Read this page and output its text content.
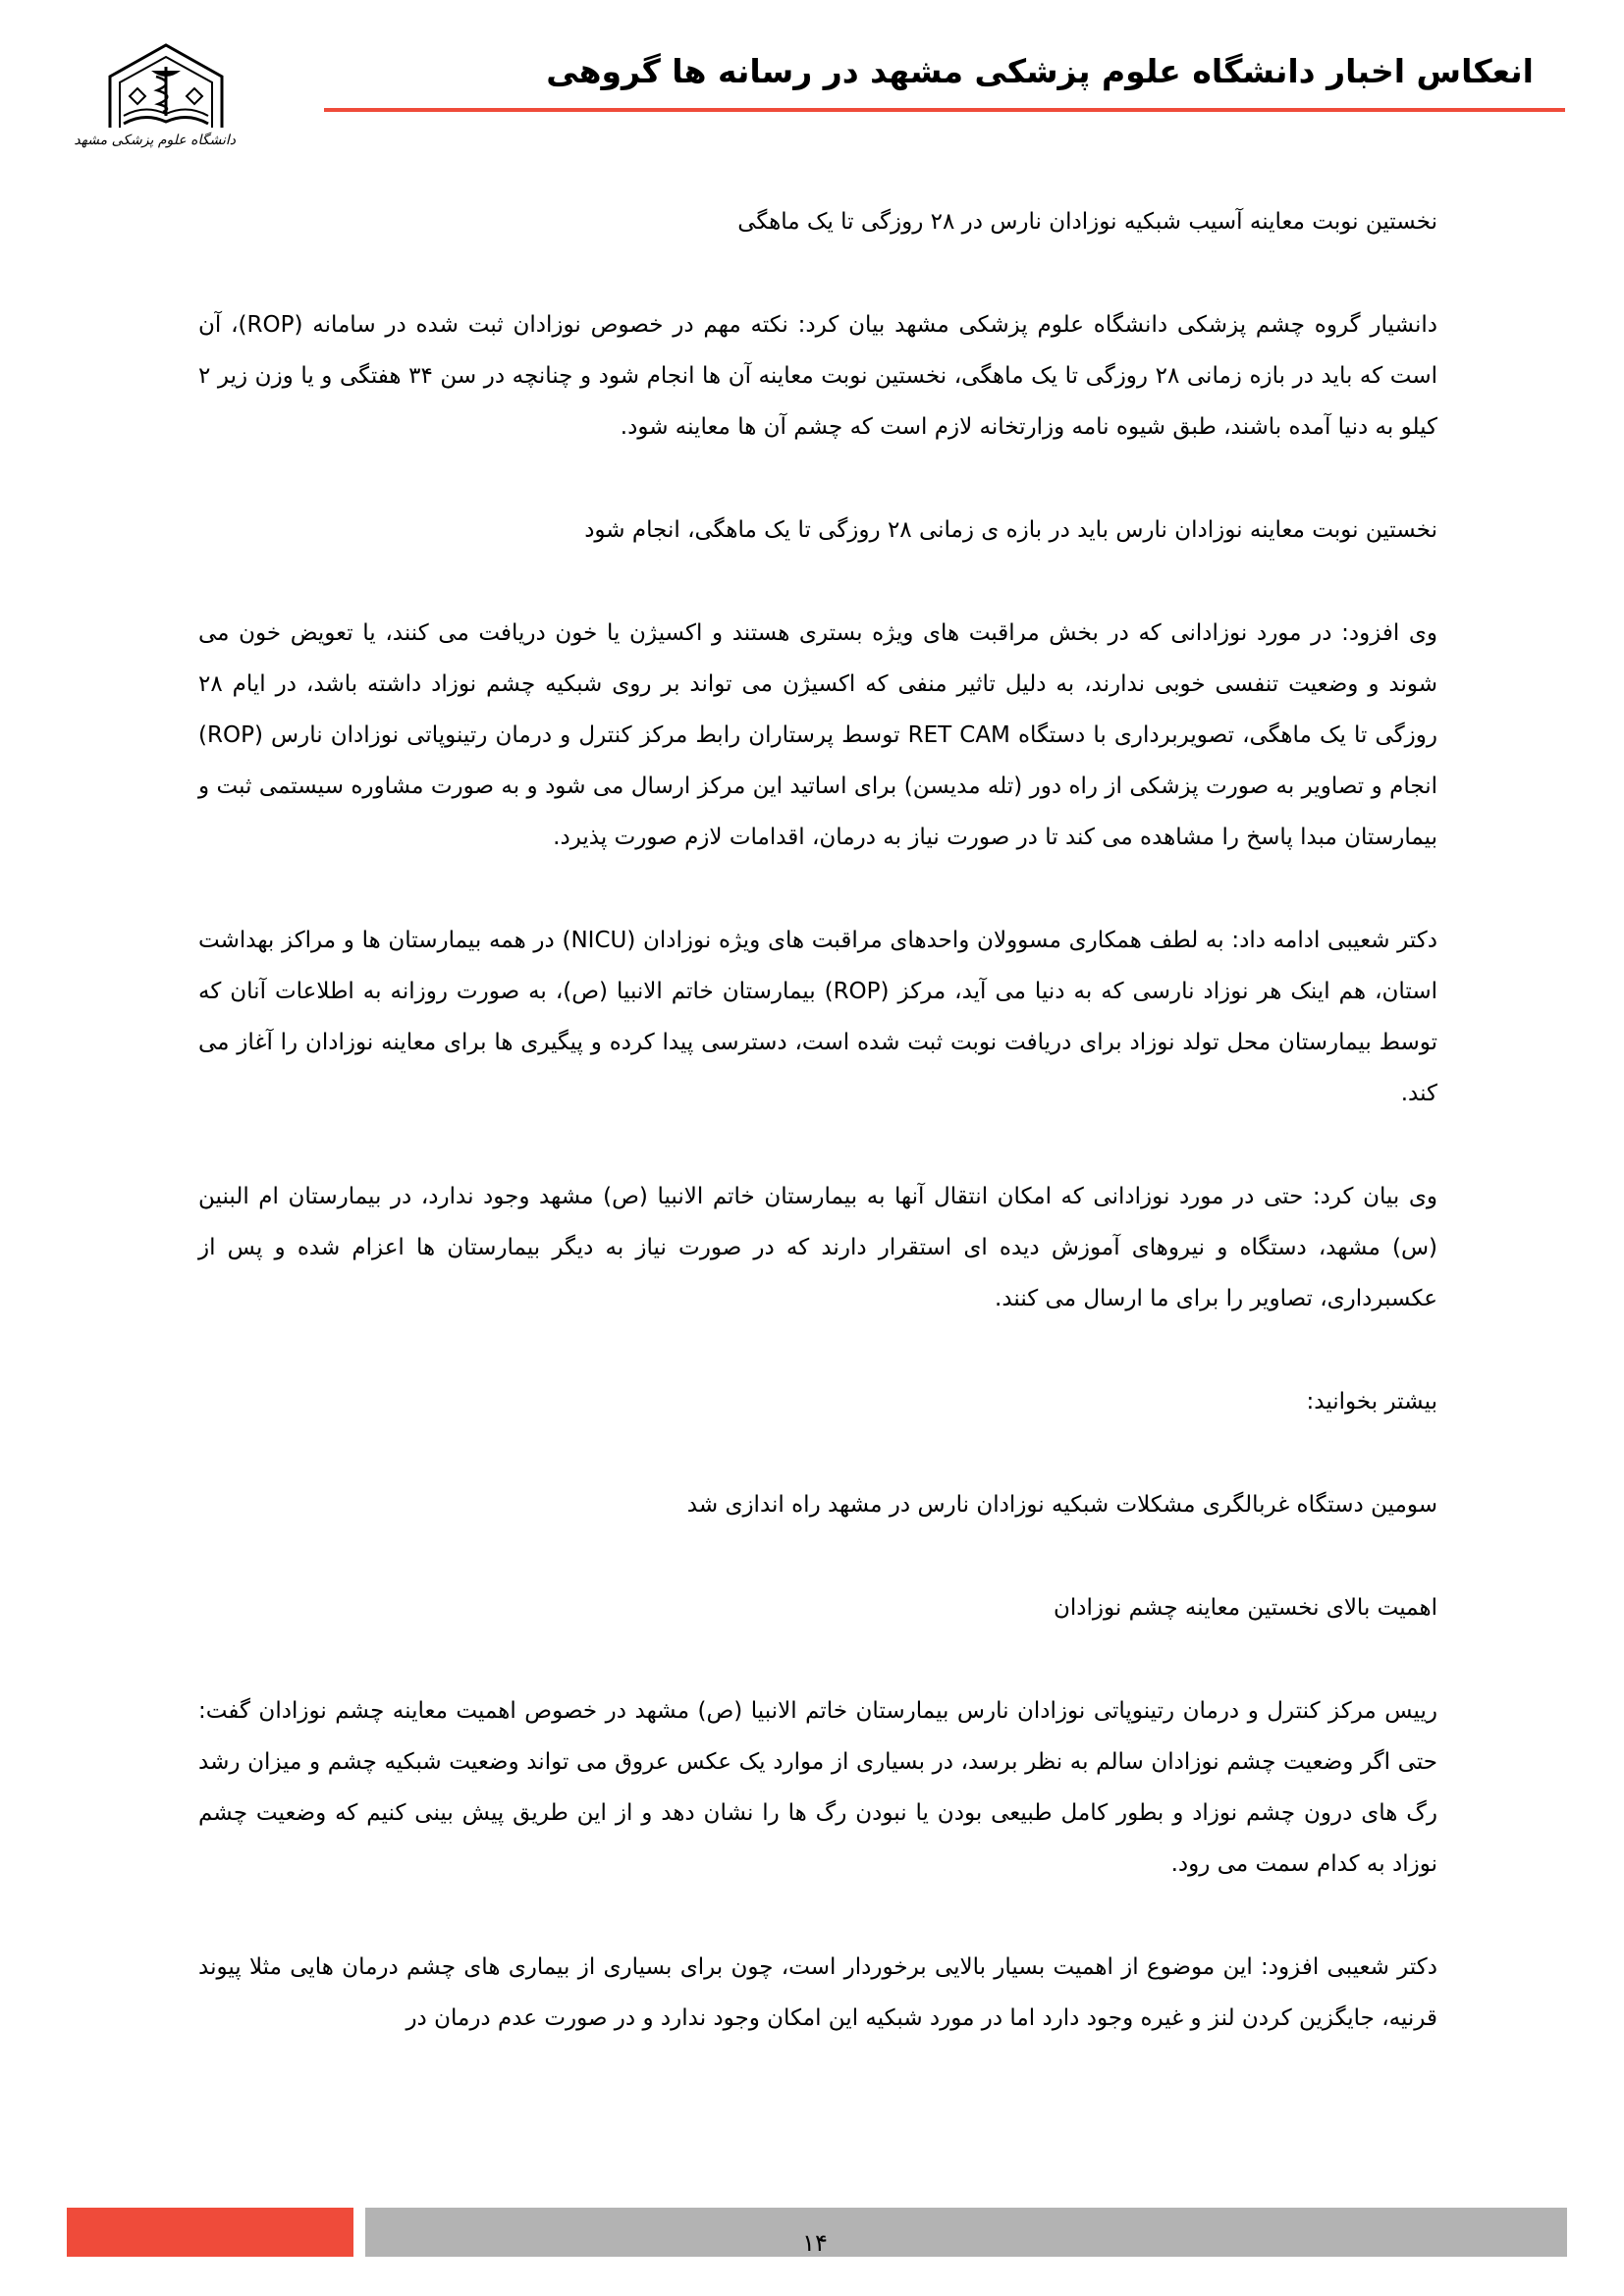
دانشگاه علوم پزشکی مشهد
انعکاس اخبار دانشگاه علوم پزشکی مشهد در رسانه ها گروهی

نخستین نوبت معاینه آسیب شبکیه نوزادان نارس در ۲۸ روزگی تا یک ماهگی

دانشیار گروه چشم پزشکی دانشگاه علوم پزشکی مشهد بیان کرد: نکته مهم در خصوص نوزادان ثبت شده در سامانه (ROP)، آن است که باید در بازه زمانی ۲۸ روزگی تا یک ماهگی، نخستین نوبت معاینه آن ها انجام شود و چنانچه در سن ۳۴ هفتگی و یا وزن زیر ۲ کیلو به دنیا آمده باشند، طبق شیوه نامه وزارتخانه لازم است که چشم آن ها معاینه شود.

نخستین نوبت معاینه نوزادان نارس باید در بازه ی زمانی ۲۸ روزگی تا یک ماهگی، انجام شود

وی افزود: در مورد نوزادانی که در بخش مراقبت های ویژه بستری هستند و اکسیژن یا خون دریافت می کنند، یا تعویض خون می شوند و وضعیت تنفسی خوبی ندارند، به دلیل تاثیر منفی که اکسیژن می تواند بر روی شبکیه چشم نوزاد داشته باشد، در ایام ۲۸ روزگی تا یک ماهگی، تصویربرداری با دستگاه RET CAM توسط پرستاران رابط مرکز کنترل و درمان رتینوپاتی نوزادان نارس (ROP) انجام و تصاویر به صورت پزشکی از راه دور (تله مدیسن) برای اساتید این مرکز ارسال می شود و به صورت مشاوره سیستمی ثبت و بیمارستان مبدا پاسخ را مشاهده می کند تا در صورت نیاز به درمان، اقدامات لازم صورت پذیرد.

دکتر شعیبی ادامه داد: به لطف همکاری مسوولان واحدهای مراقبت های ویژه نوزادان (NICU) در همه بیمارستان ها و مراکز بهداشت استان، هم اینک هر نوزاد نارسی که به دنیا می آید، مرکز (ROP) بیمارستان خاتم الانبیا (ص)، به صورت روزانه به اطلاعات آنان که توسط بیمارستان محل تولد نوزاد برای دریافت نوبت ثبت شده است، دسترسی پیدا کرده و پیگیری ها برای معاینه نوزادان را آغاز می کند.

وی بیان کرد: حتی در مورد نوزادانی که امکان انتقال آنها به بیمارستان خاتم الانبیا (ص) مشهد وجود ندارد، در بیمارستان ام البنین (س) مشهد، دستگاه و نیروهای آموزش دیده ای استقرار دارند که در صورت نیاز به دیگر بیمارستان ها اعزام شده و پس از عکسبرداری، تصاویر را برای ما ارسال می کنند.

بیشتر بخوانید:

سومین دستگاه غربالگری مشکلات شبکیه نوزادان نارس در مشهد راه اندازی شد

اهمیت بالای نخستین معاینه چشم نوزادان

رییس مرکز کنترل و درمان رتینوپاتی نوزادان نارس بیمارستان خاتم الانبیا (ص) مشهد در خصوص اهمیت معاینه چشم نوزادان گفت: حتی اگر وضعیت چشم نوزادان سالم به نظر برسد، در بسیاری از موارد یک عکس عروق می تواند وضعیت شبکیه چشم و میزان رشد رگ های درون چشم نوزاد و بطور کامل طبیعی بودن یا نبودن رگ ها را نشان دهد و از این طریق پیش بینی کنیم که وضعیت چشم نوزاد به کدام سمت می رود.

دکتر شعیبی افزود: این موضوع از اهمیت بسیار بالایی برخوردار است، چون برای بسیاری از بیماری های چشم درمان هایی مثلا پیوند قرنیه، جایگزین کردن لنز و غیره وجود دارد اما در مورد شبکیه این امکان وجود ندارد و در صورت عدم درمان در

۱۴
